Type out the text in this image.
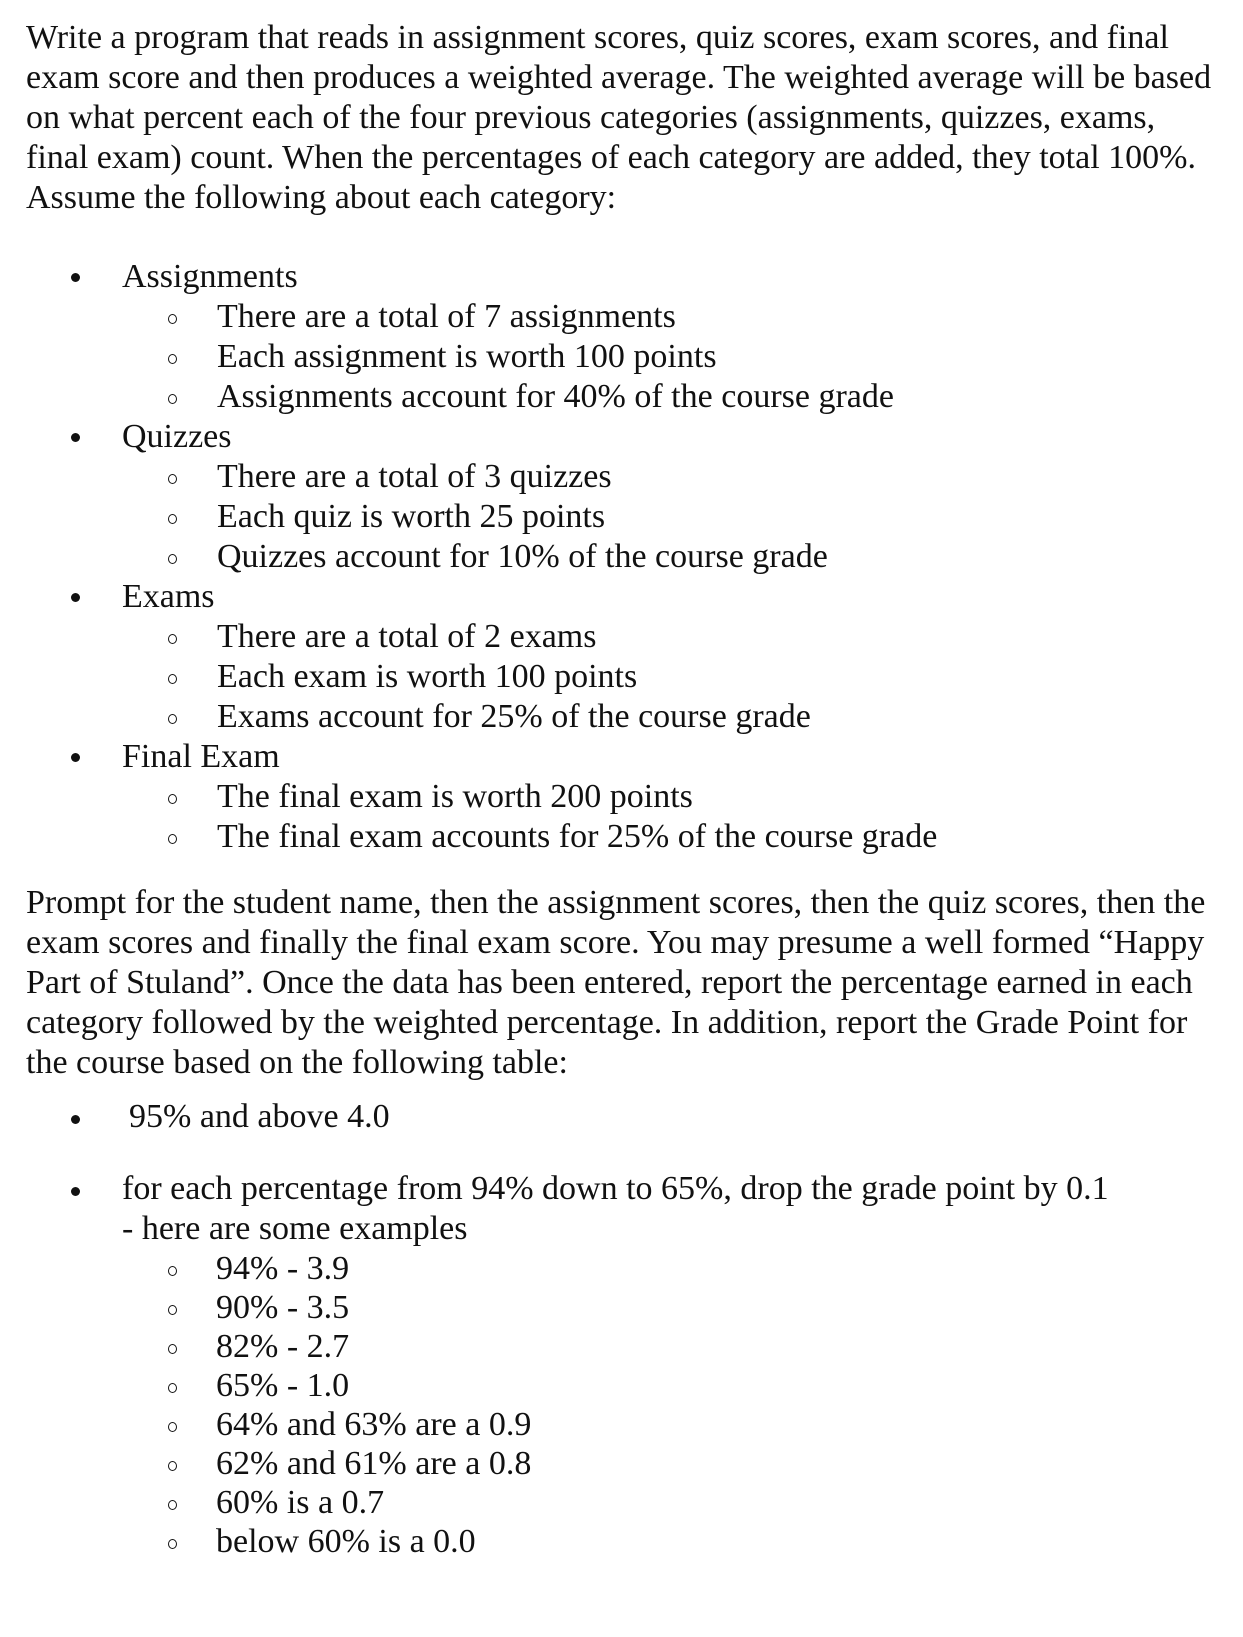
Write a program that reads in assignment scores, quiz scores, exam scores, and final exam score and then produces a weighted average. The weighted average will be based on what percent each of the four previous categories (assignments, quizzes, exams, final exam) count. When the percentages of each category are added, they total 100%. Assume the following about each category:

Assignments
There are a total of 7 assignments
Each assignment is worth 100 points
Assignments account for 40% of the course grade
Quizzes
There are a total of 3 quizzes
Each quiz is worth 25 points
Quizzes account for 10% of the course grade
Exams
There are a total of 2 exams
Each exam is worth 100 points
Exams account for 25% of the course grade
Final Exam
The final exam is worth 200 points
The final exam accounts for 25% of the course grade

Prompt for the student name, then the assignment scores, then the quiz scores, then the exam scores and finally the final exam score. You may presume a well formed “Happy Part of Stuland”. Once the data has been entered, report the percentage earned in each category followed by the weighted percentage. In addition, report the Grade Point for the course based on the following table:

95% and above 4.0
for each percentage from 94% down to 65%, drop the grade point by 0.1 - here are some examples
94% - 3.9
90% - 3.5
82% - 2.7
65% - 1.0
64% and 63% are a 0.9
62% and 61% are a 0.8
60% is a 0.7
below 60% is a 0.0
